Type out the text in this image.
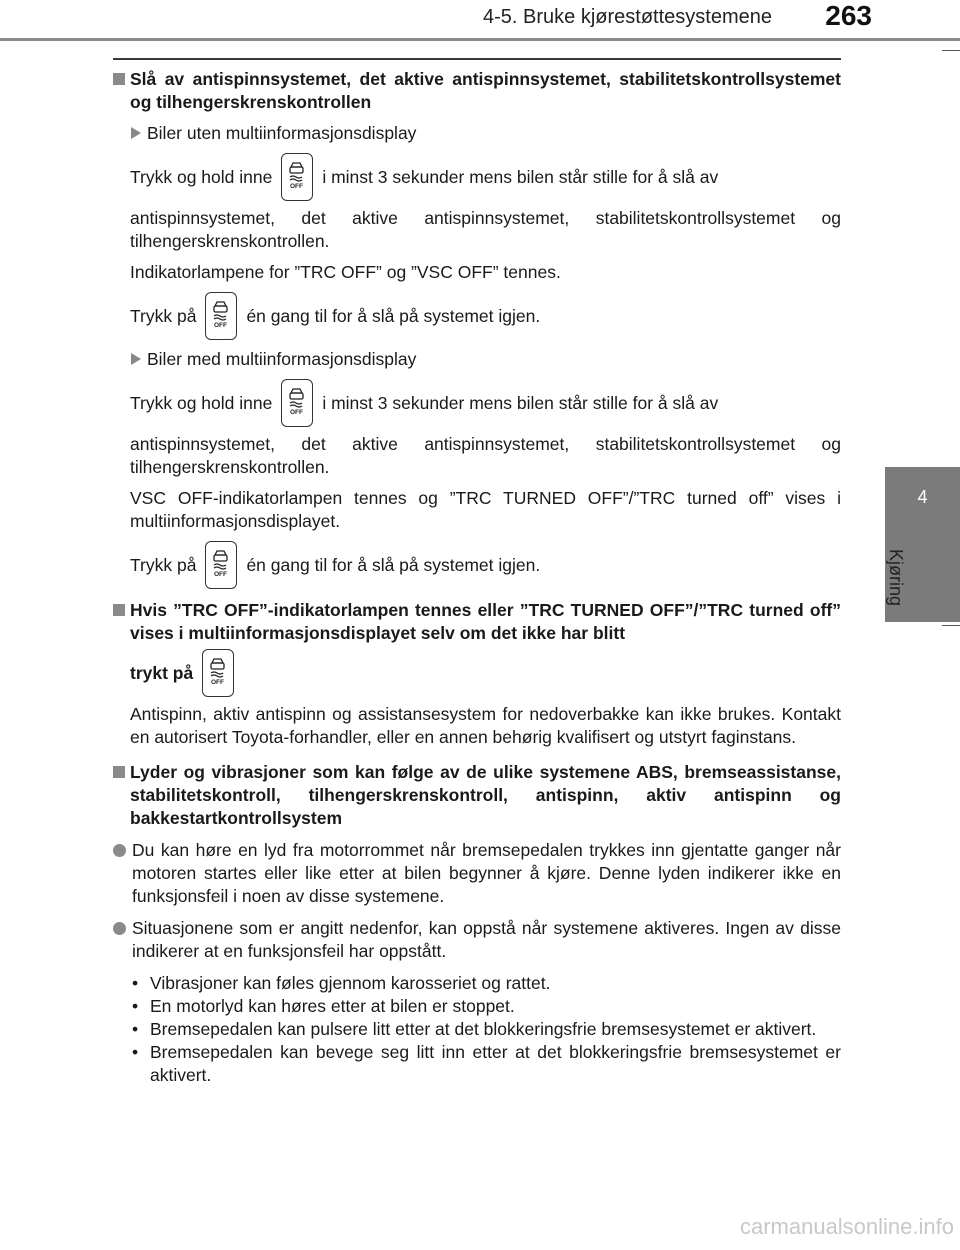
4-5. Bruke kjørestøttesystemene 263
4
Kjøring
Slå av antispinnsystemet, det aktive antispinnsystemet, stabilitetskontrollsystemet og tilhengerskrenskontrollen
Biler uten multiinformasjonsdisplay
Trykk og hold inne	OFF i minst 3 sekunder mens bilen står stille for å slå av
antispinnsystemet, det aktive antispinnsystemet, stabilitetskontrollsystemet og tilhengerskrenskontrollen.
Indikatorlampene for ”TRC OFF” og ”VSC OFF” tennes.
Trykk på	OFF én gang til for å slå på systemet igjen.
Biler med multiinformasjonsdisplay
Trykk og hold inne	OFF i minst 3 sekunder mens bilen står stille for å slå av
antispinnsystemet, det aktive antispinnsystemet, stabilitetskontrollsystemet og tilhengerskrenskontrollen.
VSC OFF-indikatorlampen tennes og ”TRC TURNED OFF”/”TRC turned off” vises i multiinformasjonsdisplayet.
Trykk på	OFF én gang til for å slå på systemet igjen.
Hvis ”TRC OFF”-indikatorlampen tennes eller ”TRC TURNED OFF”/”TRC turned off” vises i multiinformasjonsdisplayet selv om det ikke har blitt
trykt på	OFF
Antispinn, aktiv antispinn og assistansesystem for nedoverbakke kan ikke brukes. Kontakt en autorisert Toyota-forhandler, eller en annen behørig kvalifisert og utstyrt faginstans.
Lyder og vibrasjoner som kan følge av de ulike systemene ABS, bremseassistanse, stabilitetskontroll, tilhengerskrenskontroll, antispinn, aktiv antispinn og bakkestartkontrollsystem
Du kan høre en lyd fra motorrommet når bremsepedalen trykkes inn gjentatte ganger når motoren startes eller like etter at bilen begynner å kjøre. Denne lyden indikerer ikke en funksjonsfeil i noen av disse systemene.
Situasjonene som er angitt nedenfor, kan oppstå når systemene aktiveres. Ingen av disse indikerer at en funksjonsfeil har oppstått.
• Vibrasjoner kan føles gjennom karosseriet og rattet.
• En motorlyd kan høres etter at bilen er stoppet.
• Bremsepedalen kan pulsere litt etter at det blokkeringsfrie bremsesystemet er aktivert.
• Bremsepedalen kan bevege seg litt inn etter at det blokkeringsfrie bremsesystemet er aktivert.
carmanualsonline.info
